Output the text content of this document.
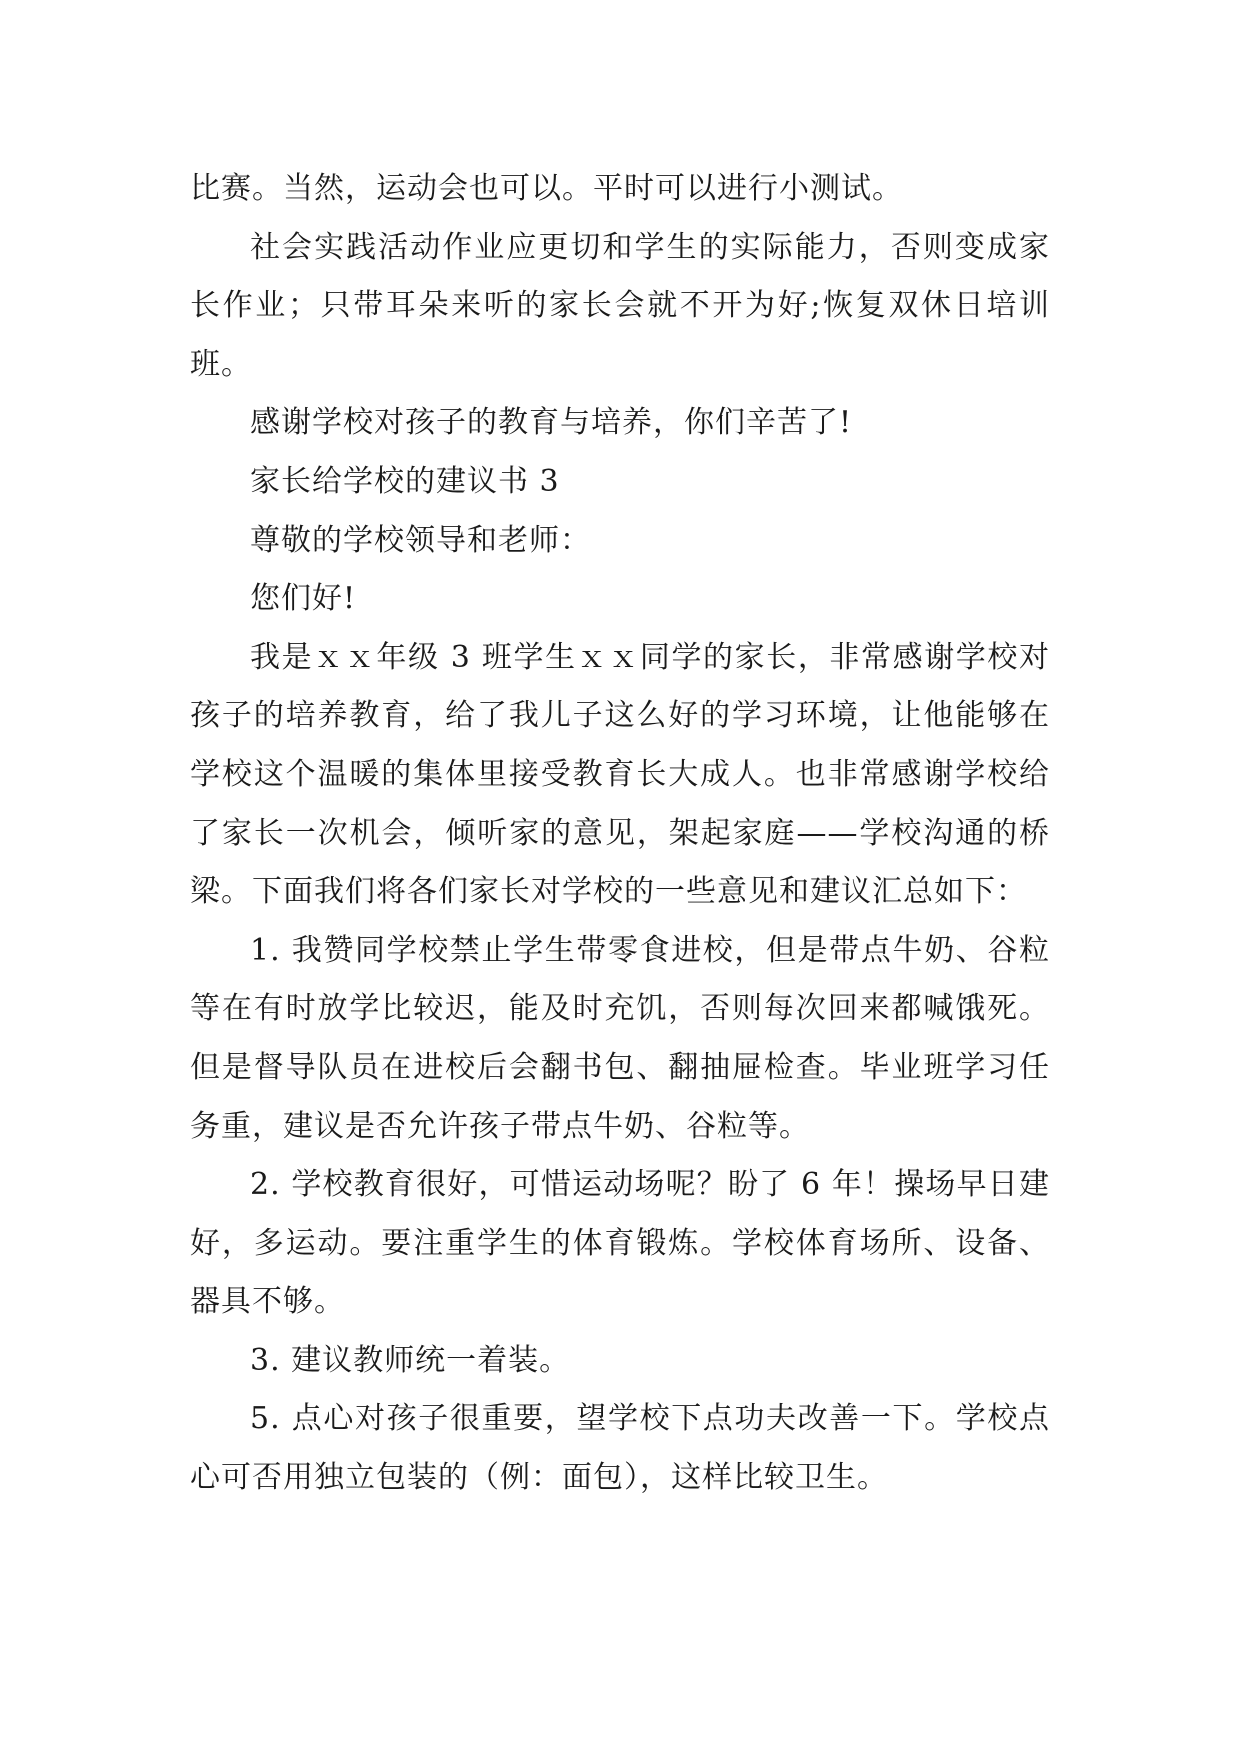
比赛。当然，运动会也可以。平时可以进行小测试。

社会实践活动作业应更切和学生的实际能力，否则变成家长作业；只带耳朵来听的家长会就不开为好;恢复双休日培训班。

感谢学校对孩子的教育与培养，你们辛苦了!

家长给学校的建议书 3

尊敬的学校领导和老师：

您们好!

我是ｘｘ年级 3 班学生ｘｘ同学的家长，非常感谢学校对孩子的培养教育，给了我儿子这么好的学习环境，让他能够在学校这个温暖的集体里接受教育长大成人。也非常感谢学校给了家长一次机会，倾听家的意见，架起家庭——学校沟通的桥梁。下面我们将各们家长对学校的一些意见和建议汇总如下：

1. 我赞同学校禁止学生带零食进校，但是带点牛奶、谷粒等在有时放学比较迟，能及时充饥，否则每次回来都喊饿死。但是督导队员在进校后会翻书包、翻抽屉检查。毕业班学习任务重，建议是否允许孩子带点牛奶、谷粒等。

2. 学校教育很好，可惜运动场呢？盼了 6 年！操场早日建好，多运动。要注重学生的体育锻炼。学校体育场所、设备、器具不够。

3. 建议教师统一着装。

5. 点心对孩子很重要，望学校下点功夫改善一下。学校点心可否用独立包装的（例：面包），这样比较卫生。
